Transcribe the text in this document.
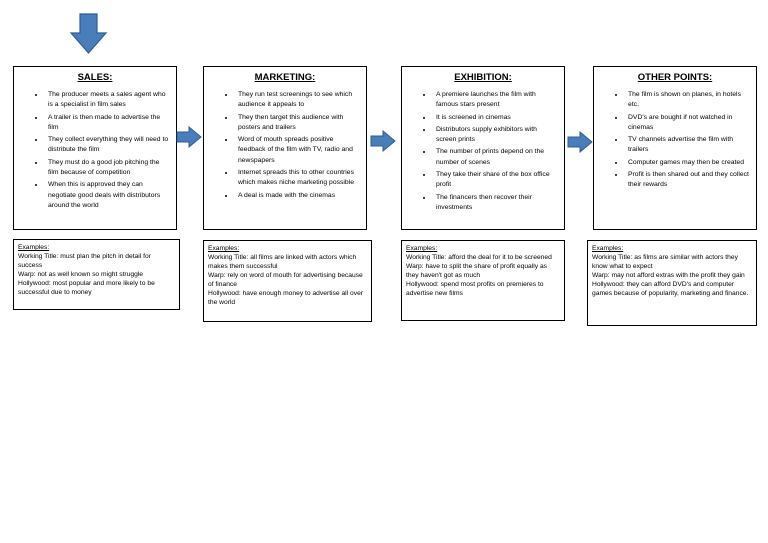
SALES:
• The producer meets a sales agent who is a specialist in film sales
• A trailer is then made to advertise the film
• They collect everything they will need to distribute the film
• They must do a good job pitching the film because of competition
• When this is approved they can negotiate good deals with distributors around the world
MARKETING:
• They run test screenings to see which audience it appeals to
• They then target this audience with posters and trailers
• Word of mouth spreads positive feedback of the film with TV, radio and newspapers
• Internet spreads this to other countries which makes niche marketing possible
• A deal is made with the cinemas
EXHIBITION:
• A premiere launches the film with famous stars present
• It is screened in cinemas
• Distributors supply exhibitors with screen prints
• The number of prints depend on the number of scenes
• They take their share of the box office profit
• The financers then recover their investments
OTHER POINTS:
• The film is shown on planes, in hotels etc.
• DVD's are bought if not watched in cinemas
• TV channels advertise the film with trailers
• Computer games may then be created
• Profit is then shared out and they collect their rewards
Examples:
Working Title: must plan the pitch in detail for success
Warp: not as well known so might struggle
Hollywood: most popular and more likely to be successful due to money
Examples:
Working Title: all films are linked with actors which makes them successful
Warp: rely on word of mouth for advertising because of finance
Hollywood: have enough money to advertise all over the world
Examples:
Working Title: afford the deal for it to be screened
Warp: have to split the share of profit equally as they haven't got as much
Hollywood: spend most profits on premieres to advertise new films
Examples:
Working Title: as films are similar with actors they know what to expect
Warp: may not afford extras with the profit they gain
Hollywood: they can afford DVD's and computer games because of popularity, marketing and finance.
